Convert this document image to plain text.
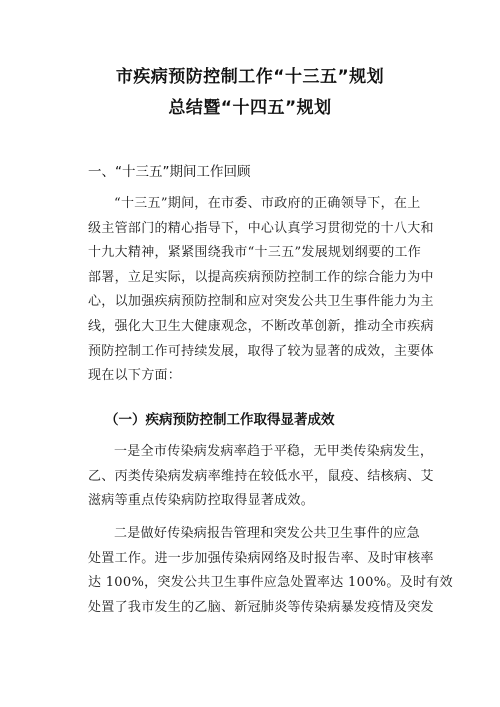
市疾病预防控制工作“十三五”规划
总结暨“十四五”规划
一、“十三五”期间工作回顾
“十三五”期间，在市委、市政府的正确领导下，在上
级主管部门的精心指导下，中心认真学习贯彻党的十八大和
十九大精神，紧紧围绕我市“十三五”发展规划纲要的工作
部署，立足实际，以提高疾病预防控制工作的综合能力为中
心，以加强疾病预防控制和应对突发公共卫生事件能力为主
线，强化大卫生大健康观念，不断改革创新，推动全市疾病
预防控制工作可持续发展，取得了较为显著的成效，主要体
现在以下方面：
（一）疾病预防控制工作取得显著成效
一是全市传染病发病率趋于平稳，无甲类传染病发生，
乙、丙类传染病发病率维持在较低水平，鼠疫、结核病、艾
滋病等重点传染病防控取得显著成效。
二是做好传染病报告管理和突发公共卫生事件的应急
处置工作。进一步加强传染病网络及时报告率、及时审核率
达 100%，突发公共卫生事件应急处置率达 100%。及时有效
处置了我市发生的乙脑、新冠肺炎等传染病暴发疫情及突发
